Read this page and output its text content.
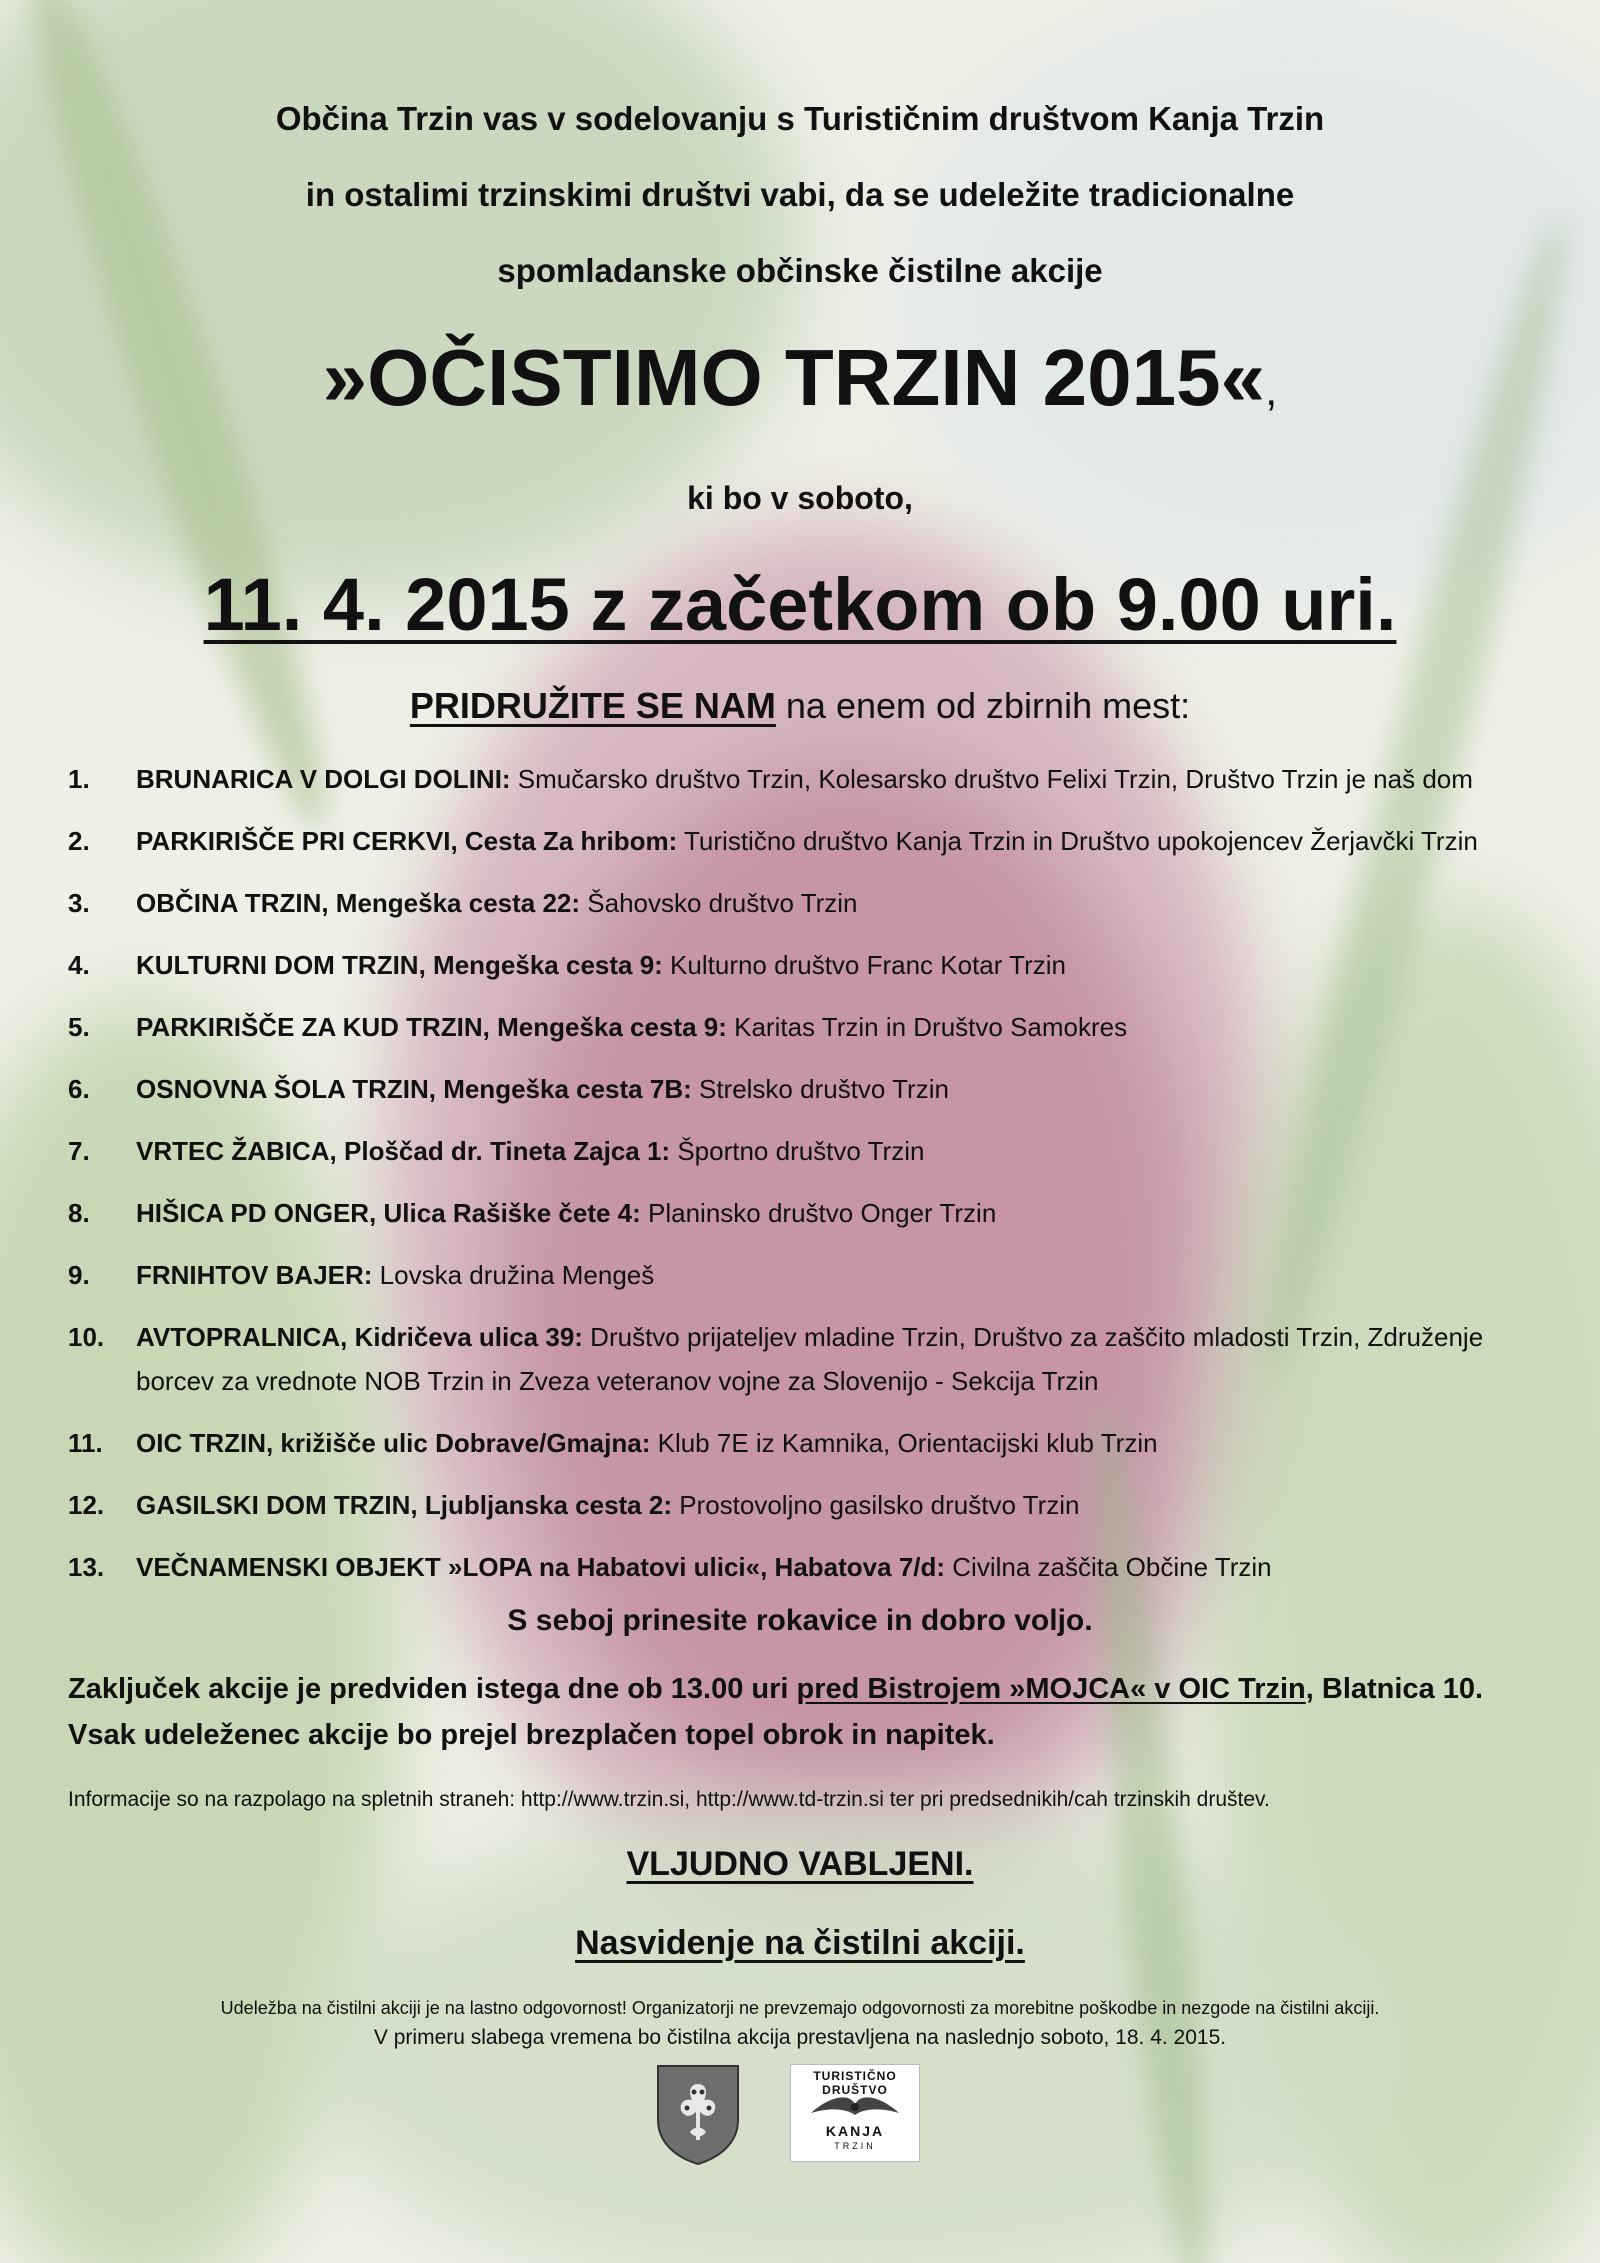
Občina Trzin vas v sodelovanju s Turističnim društvom Kanja Trzin
in ostalimi trzinskimi društvi vabi, da se udeležite tradicionalne
spomladanske občinske čistilne akcije
»OČISTIMO TRZIN 2015«,
ki bo v soboto,
11. 4. 2015 z začetkom ob 9.00 uri.
PRIDRUŽITE SE NAM na enem od zbirnih mest:
1.	BRUNARICA V DOLGI DOLINI: Smučarsko društvo Trzin, Kolesarsko društvo Felixi Trzin, Društvo Trzin je naš dom
2.	PARKIRIŠČE PRI CERKVI, Cesta Za hribom: Turistično društvo Kanja Trzin in Društvo upokojencev Žerjavčki Trzin
3.	OBČINA TRZIN, Mengeška cesta 22: Šahovsko društvo Trzin
4.	KULTURNI DOM TRZIN, Mengeška cesta 9: Kulturno društvo Franc Kotar Trzin
5.	PARKIRIŠČE ZA KUD TRZIN, Mengeška cesta 9: Karitas Trzin in Društvo Samokres
6.	OSNOVNA ŠOLA TRZIN, Mengeška cesta 7B: Strelsko društvo Trzin
7.	VRTEC ŽABICA, Ploščad dr. Tineta Zajca 1: Športno društvo Trzin
8.	HIŠICA PD ONGER, Ulica Rašiške čete 4: Planinsko društvo Onger Trzin
9.	FRNIHTOV BAJER: Lovska družina Mengeš
10.	AVTOPRALNICA, Kidričeva ulica 39: Društvo prijateljev mladine Trzin, Društvo za zaščito mladosti Trzin, Združenje borcev za vrednote NOB Trzin in Zveza veteranov vojne za Slovenijo - Sekcija Trzin
11.	OIC TRZIN, križišče ulic Dobrave/Gmajna: Klub 7E iz Kamnika, Orientacijski klub Trzin
12.	GASILSKI DOM TRZIN, Ljubljanska cesta 2: Prostovoljno gasilsko društvo Trzin
13.	VEČNAMENSKI OBJEKT »LOPA na Habatovi ulici«, Habatova 7/d: Civilna zaščita Občine Trzin
S seboj prinesite rokavice in dobro voljo.
Zaključek akcije je predviden istega dne ob 13.00 uri pred Bistrojem »MOJCA« v OIC Trzin, Blatnica 10.
Vsak udeleženec akcije bo prejel brezplačen topel obrok in napitek.
Informacije so na razpolago na spletnih straneh: http://www.trzin.si, http://www.td-trzin.si ter pri predsednikih/cah trzinskih društev.
VLJUDNO VABLJENI.
Nasvidenje na čistilni akciji.
Udeležba na čistilni akciji je na lastno odgovornost! Organizatorji ne prevzemajo odgovornosti za morebitne poškodbe in nezgode na čistilni akciji.
V primeru slabega vremena bo čistilna akcija prestavljena na naslednjo soboto, 18. 4. 2015.
TURISTIČNO DRUŠTVO
KANJA
TRZIN
